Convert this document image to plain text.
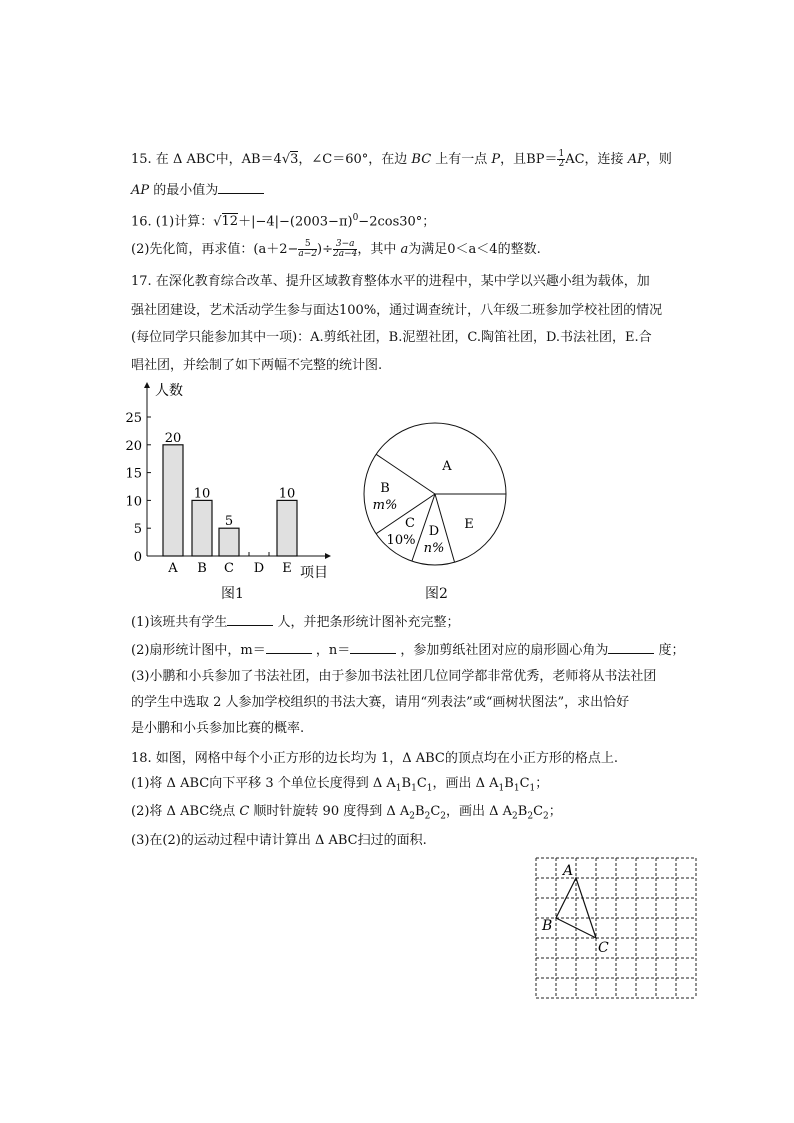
15. 在 Δ ABC中，AB＝4√3，∠C＝60°，在边 BC 上有一点 P，且$BP= \frac{1}{2}$ AC，连接 AP，则
AP 的最小值为
16. (1)计算：$√12+|-4|-(2003-\pi)^0-2\cos 30^\circ$；
(2)先化简，再求值：($a+2- \frac{5}{a-2}$ )÷ $\frac{3-a}{2a-4}$ ，其中 a为满足0＜a＜4的整数.
17. 在深化教育综合改革、提升区域教育整体水平的进程中，某中学以兴趣小组为载体，加
强社团建设，艺术活动学生参与面达100%，通过调查统计，八年级二班参加学校社团的情况
(每位同学只能参加其中一项)：A.剪纸社团，B.泥塑社团，C.陶笛社团，D.书法社团，E.合
唱社团，并绘制了如下两幅不完整的统计图.
人数
项目
0
5
10
15
20
25
A
20
B
10
C
5
D E
10
A
B
m%
C
10%
D
n%
E
A
B
C
图1	图2
(1)该班共有学生	人，并把条形统计图补充完整；
(2)扇形统计图中，m＝	，n＝	，参加剪纸社团对应的扇形圆心角为	度；
(3)小鹏和小兵参加了书法社团，由于参加书法社团几位同学都非常优秀，老师将从书法社团
的学生中选取 2 人参加学校组织的书法大赛，请用“列表法”或“画树状图法”，求出恰好
是小鹏和小兵参加比赛的概率.
18. 如图，网格中每个小正方形的边长均为 1，Δ ABC的顶点均在小正方形的格点上.
(1)将 Δ ABC向下平移 3 个单位长度得到 Δ $A_1B_1C_1$，画出 Δ $A_1B_1C_1$；
(2)将 Δ ABC绕点 C 顺时针旋转 90 度得到 Δ $A_2B_2C_2$，画出 Δ $A_2B_2C_2$；
(3)在(2)的运动过程中请计算出 Δ ABC扫过的面积.
